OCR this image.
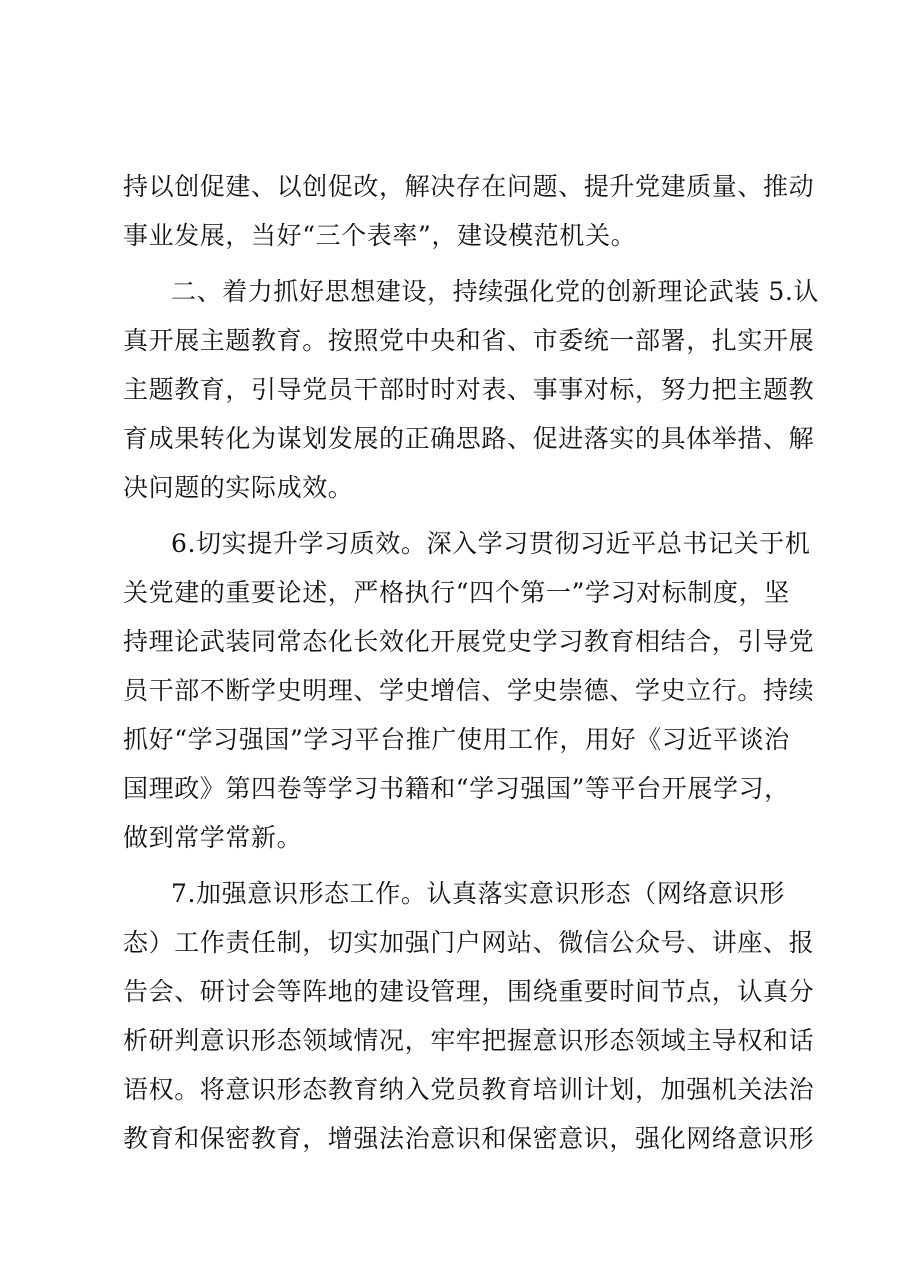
持以创促建、以创促改，解决存在问题、提升党建质量、推动
事业发展，当好“三个表率”，建设模范机关。
二、着力抓好思想建设，持续强化党的创新理论武装 5.认
真开展主题教育。按照党中央和省、市委统一部署，扎实开展
主题教育，引导党员干部时时对表、事事对标，努力把主题教
育成果转化为谋划发展的正确思路、促进落实的具体举措、解
决问题的实际成效。
6.切实提升学习质效。深入学习贯彻习近平总书记关于机
关党建的重要论述，严格执行“四个第一”学习对标制度，坚
持理论武装同常态化长效化开展党史学习教育相结合，引导党
员干部不断学史明理、学史增信、学史崇德、学史立行。持续
抓好“学习强国”学习平台推广使用工作，用好《习近平谈治
国理政》第四卷等学习书籍和“学习强国”等平台开展学习，
做到常学常新。
7.加强意识形态工作。认真落实意识形态（网络意识形
态）工作责任制，切实加强门户网站、微信公众号、讲座、报
告会、研讨会等阵地的建设管理，围绕重要时间节点，认真分
析研判意识形态领域情况，牢牢把握意识形态领域主导权和话
语权。将意识形态教育纳入党员教育培训计划，加强机关法治
教育和保密教育，增强法治意识和保密意识，强化网络意识形
